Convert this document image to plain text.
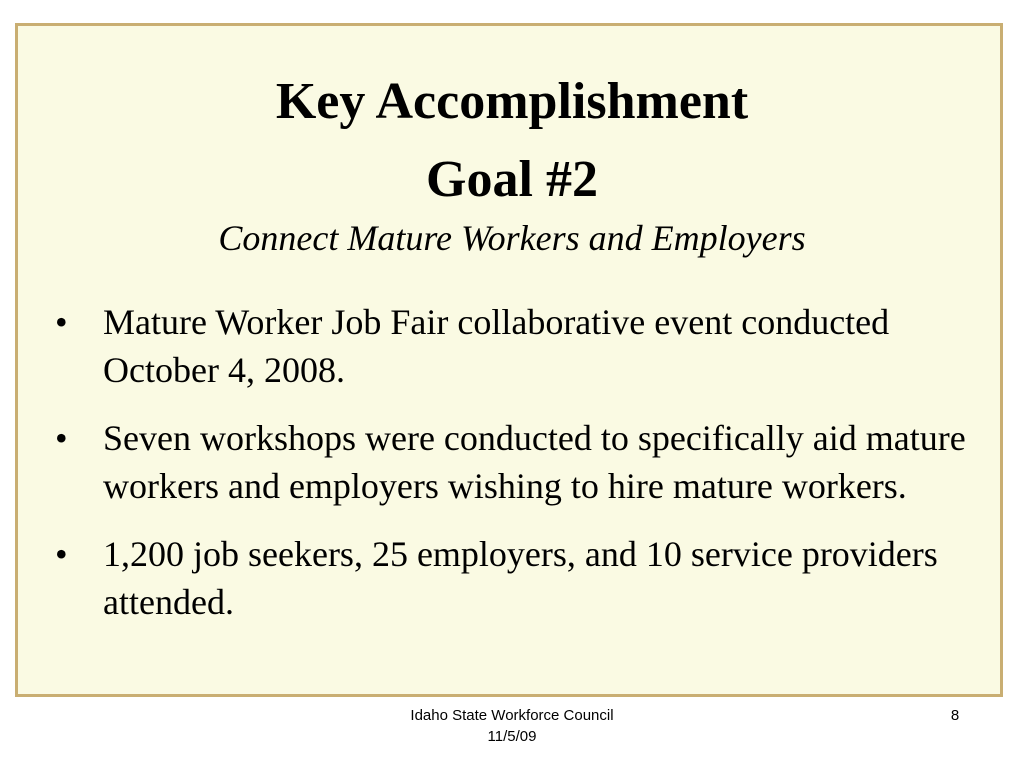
Key Accomplishment
Goal #2

Connect Mature Workers and Employers

• Mature Worker Job Fair collaborative event conducted October 4, 2008.
• Seven workshops were conducted to specifically aid mature workers and employers wishing to hire mature workers.
• 1,200 job seekers, 25 employers, and 10 service providers attended.
Idaho State Workforce Council
11/5/09
8
